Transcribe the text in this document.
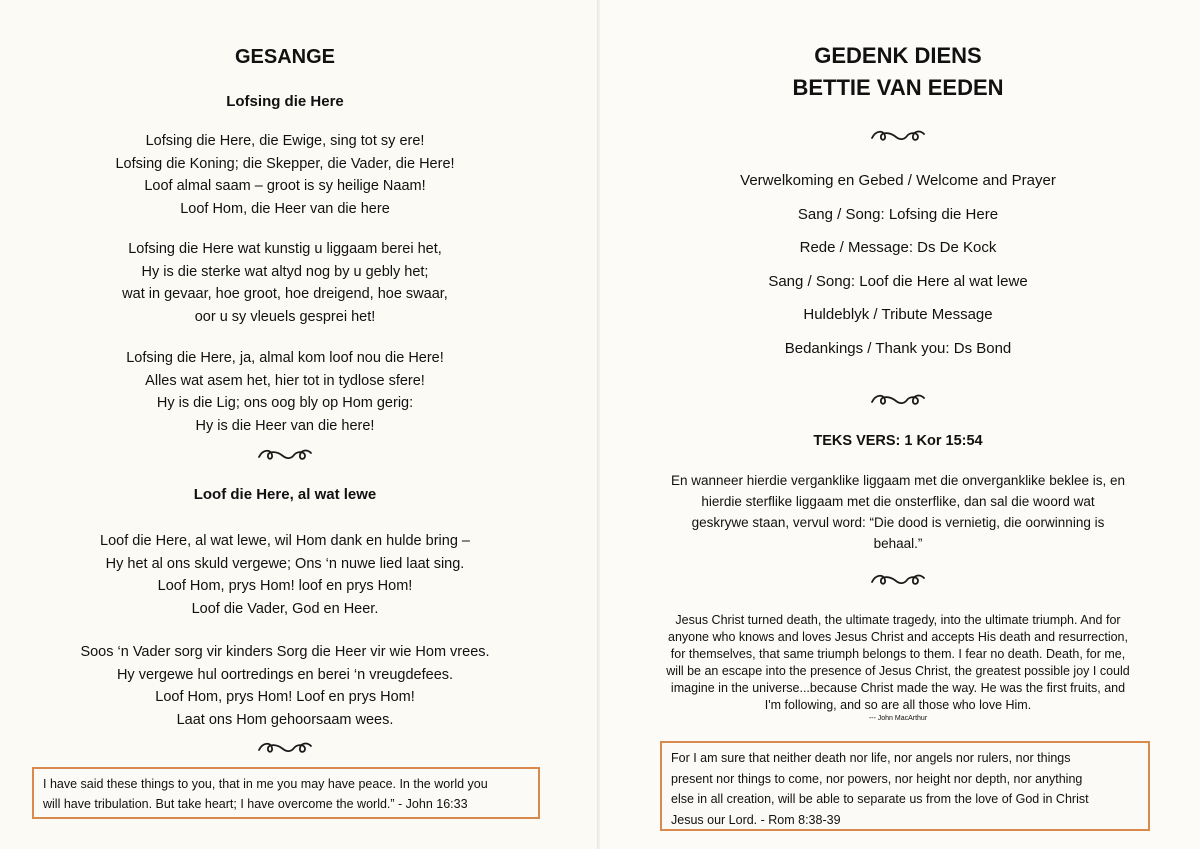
GESANGE
Lofsing die Here
Lofsing die Here, die Ewige, sing tot sy ere!
Lofsing die Koning; die Skepper, die Vader, die Here!
Loof almal saam – groot is sy heilige Naam!
Loof Hom, die Heer van die here
Lofsing die Here wat kunstig u liggaam berei het,
Hy is die sterke wat altyd nog by u gebly het;
wat in gevaar, hoe groot, hoe dreigend, hoe swaar,
oor u sy vleuels gesprei het!
Lofsing die Here, ja, almal kom loof nou die Here!
Alles wat asem het, hier tot in tydlose sfere!
Hy is die Lig; ons oog bly op Hom gerig:
Hy is die Heer van die here!
Loof die Here, al wat lewe
Loof die Here, al wat lewe, wil Hom dank en hulde bring –
Hy het al ons skuld vergewe; Ons ‘n nuwe lied laat sing.
Loof Hom, prys Hom! loof en prys Hom!
Loof die Vader, God en Heer.
Soos ‘n Vader sorg vir kinders Sorg die Heer vir wie Hom vrees.
Hy vergewe hul oortredings en berei ‘n vreugdefees.
Loof Hom, prys Hom! Loof en prys Hom!
Laat ons Hom gehoorsaam wees.
I have said these things to you, that in me you may have peace. In the world you
will have tribulation. But take heart; I have overcome the world.” - John 16:33
GEDENK DIENS
BETTIE VAN EEDEN
Verwelkoming en Gebed / Welcome and Prayer
Sang / Song: Lofsing die Here
Rede / Message: Ds De Kock
Sang / Song: Loof die Here al wat lewe
Huldeblyk / Tribute Message
Bedankings / Thank you: Ds Bond
TEKS VERS: 1 Kor 15:54
En wanneer hierdie verganklike liggaam met die onverganklike beklee is, en
hierdie sterflike liggaam met die onsterflike, dan sal die woord wat
geskrywe staan, vervul word: “Die dood is vernietig, die oorwinning is
behaal.”
Jesus Christ turned death, the ultimate tragedy, into the ultimate triumph. And for
anyone who knows and loves Jesus Christ and accepts His death and resurrection,
for themselves, that same triumph belongs to them. I fear no death. Death, for me,
will be an escape into the presence of Jesus Christ, the greatest possible joy I could
imagine in the universe...because Christ made the way. He was the first fruits, and
I'm following, and so are all those who love Him.
--- John MacArthur
For I am sure that neither death nor life, nor angels nor rulers, nor things
present nor things to come, nor powers, nor height nor depth, nor anything
else in all creation, will be able to separate us from the love of God in Christ
Jesus our Lord. - Rom 8:38-39
